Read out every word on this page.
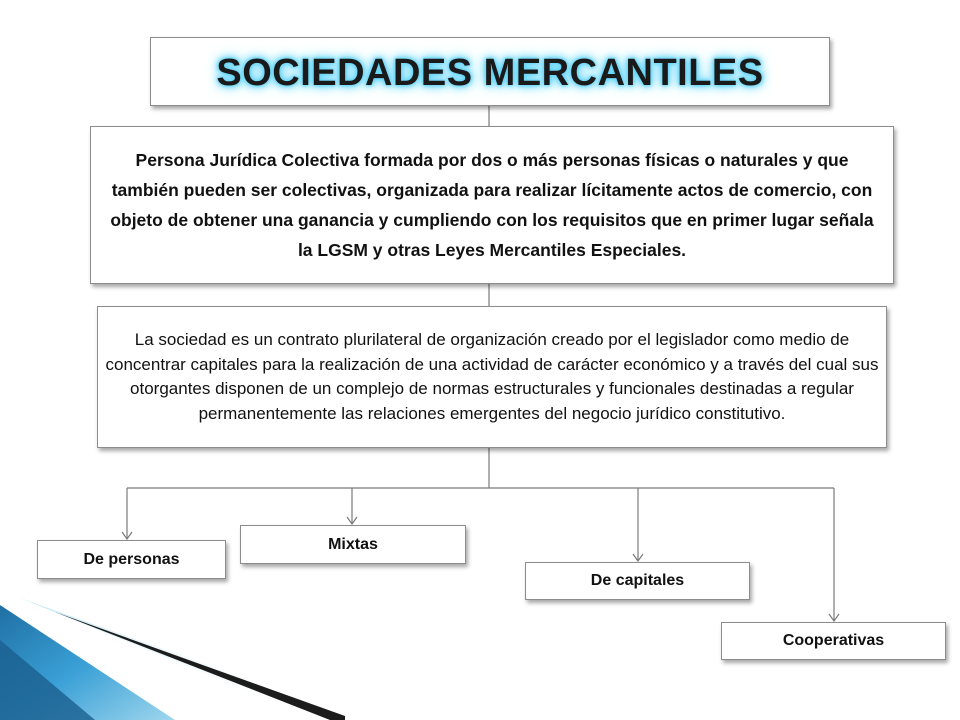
SOCIEDADES MERCANTILES
Persona Jurídica Colectiva formada por dos o más personas físicas o naturales y que también pueden ser colectivas, organizada para realizar lícitamente actos de comercio, con objeto de obtener una ganancia y cumpliendo con los requisitos que en primer lugar señala la LGSM y otras Leyes Mercantiles Especiales.
La sociedad es un contrato plurilateral de organización creado por el legislador como medio de concentrar capitales para la realización de una actividad de carácter económico y a través del cual sus otorgantes disponen de un complejo de normas estructurales y funcionales destinadas a regular permanentemente las relaciones emergentes del negocio jurídico constitutivo.
De personas
Mixtas
De capitales
Cooperativas
